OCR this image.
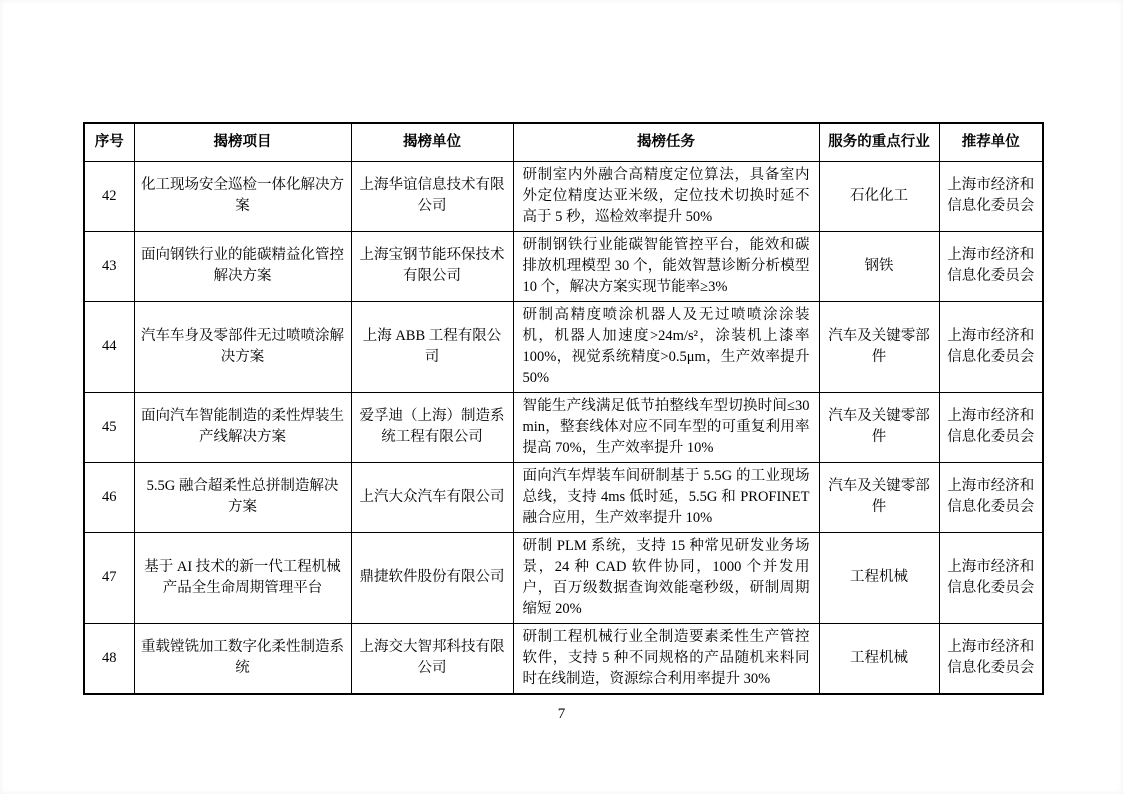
序号	揭榜项目	揭榜单位	揭榜任务	服务的重点行业	推荐单位
42	化工现场安全巡检一体化解决方案	上海华谊信息技术有限公司	研制室内外融合高精度定位算法，具备室内外定位精度达亚米级，定位技术切换时延不高于 5 秒，巡检效率提升 50%	石化化工	上海市经济和信息化委员会
43	面向钢铁行业的能碳精益化管控解决方案	上海宝钢节能环保技术有限公司	研制钢铁行业能碳智能管控平台，能效和碳排放机理模型 30 个，能效智慧诊断分析模型 10 个，解决方案实现节能率≥3%	钢铁	上海市经济和信息化委员会
44	汽车车身及零部件无过喷喷涂解决方案	上海 ABB 工程有限公司	研制高精度喷涂机器人及无过喷喷涂涂装机，机器人加速度>24m/s²，涂装机上漆率 100%，视觉系统精度>0.5μm，生产效率提升 50%	汽车及关键零部件	上海市经济和信息化委员会
45	面向汽车智能制造的柔性焊装生产线解决方案	爱孚迪（上海）制造系统工程有限公司	智能生产线满足低节拍整线车型切换时间≤30 min，整套线体对应不同车型的可重复利用率提高 70%，生产效率提升 10%	汽车及关键零部件	上海市经济和信息化委员会
46	5.5G 融合超柔性总拼制造解决方案	上汽大众汽车有限公司	面向汽车焊装车间研制基于 5.5G 的工业现场总线，支持 4ms 低时延，5.5G 和 PROFINET 融合应用，生产效率提升 10%	汽车及关键零部件	上海市经济和信息化委员会
47	基于 AI 技术的新一代工程机械产品全生命周期管理平台	鼎捷软件股份有限公司	研制 PLM 系统，支持 15 种常见研发业务场景，24 种 CAD 软件协同，1000 个并发用户，百万级数据查询效能毫秒级，研制周期缩短 20%	工程机械	上海市经济和信息化委员会
48	重载镗铣加工数字化柔性制造系统	上海交大智邦科技有限公司	研制工程机械行业全制造要素柔性生产管控软件，支持 5 种不同规格的产品随机来料同时在线制造，资源综合利用率提升 30%	工程机械	上海市经济和信息化委员会
7
